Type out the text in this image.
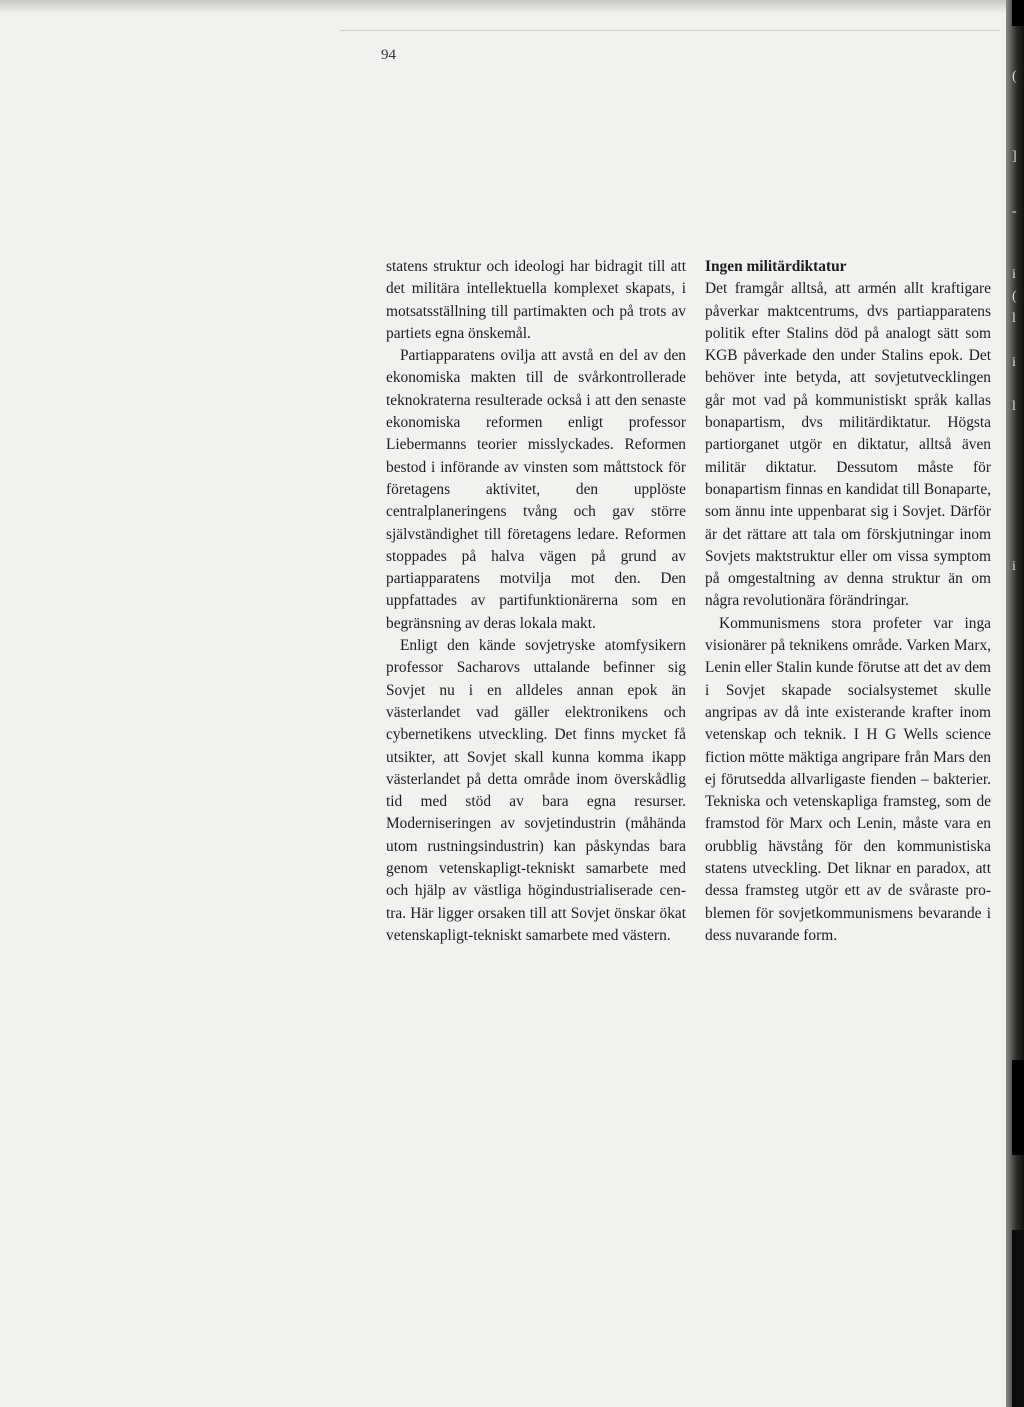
94

statens struktur och ideologi har bidragit till att det militära intellektuella komplexet skapats, i motsatsställning till partimakten och på trots av partiets egna önskemål.

Partiapparatens ovilja att avstå en del av den ekonomiska makten till de svårkontrollerade teknokraterna resulterade också i att den senaste ekonomiska reformen enligt professor Liebermanns teorier misslyckades. Reformen bestod i införande av vinsten som måttstock för företagens aktivitet, den upplöste centralplaneringens tvång och gav större självständighet till företagens ledare. Reformen stoppades på halva vägen på grund av partiapparatens motvilja mot den. Den uppfattades av partifunktionärerna som en begränsning av deras lokala makt.

Enligt den kände sovjetryske atomfysikern professor Sacharovs uttalande befinner sig Sovjet nu i en alldeles annan epok än västerlandet vad gäller elektronikens och cybernetikens utveckling. Det finns mycket få utsikter, att Sovjet skall kunna komma ikapp västerlandet på detta område inom överskådlig tid med stöd av bara egna resurser. Moderniseringen av sovjetindustrin (måhända utom rustningsindustrin) kan påskyndas bara genom vetenskapligt-tekniskt samarbete med och hjälp av västliga högindustrialiserade centra. Här ligger orsaken till att Sovjet önskar ökat vetenskapligt-tekniskt samarbete med västern.

Ingen militärdiktatur

Det framgår alltså, att armén allt kraftigare påverkar maktcentrums, dvs partiapparatens politik efter Stalins död på analogt sätt som KGB påverkade den under Stalins epok. Det behöver inte betyda, att sovjetutvecklingen går mot vad på kommunistiskt språk kallas bonapartism, dvs militärdiktatur. Högsta partiorganet utgör en diktatur, alltså även militär diktatur. Dessutom måste för bonapartism finnas en kandidat till Bonaparte, som ännu inte uppenbarat sig i Sovjet. Därför är det rättare att tala om förskjutningar inom Sovjets maktstruktur eller om vissa symptom på omgestaltning av denna struktur än om några revolutionära förändringar.

Kommunismens stora profeter var inga visionärer på teknikens område. Varken Marx, Lenin eller Stalin kunde förutse att det av dem i Sovjet skapade socialsystemet skulle angripas av då inte existerande krafter inom vetenskap och teknik. I H G Wells science fiction mötte mäktiga angripare från Mars den ej förutsedda allvarligaste fienden – bakterier. Tekniska och vetenskapliga framsteg, som de framstod för Marx och Lenin, måste vara en orubblig hävstång för den kommunistiska statens utveckling. Det liknar en paradox, att dessa framsteg utgör ett av de svåraste problemen för sovjetkommunismens bevarande i dess nuvarande form.

(
]
-
i
(
l
i
l
i
